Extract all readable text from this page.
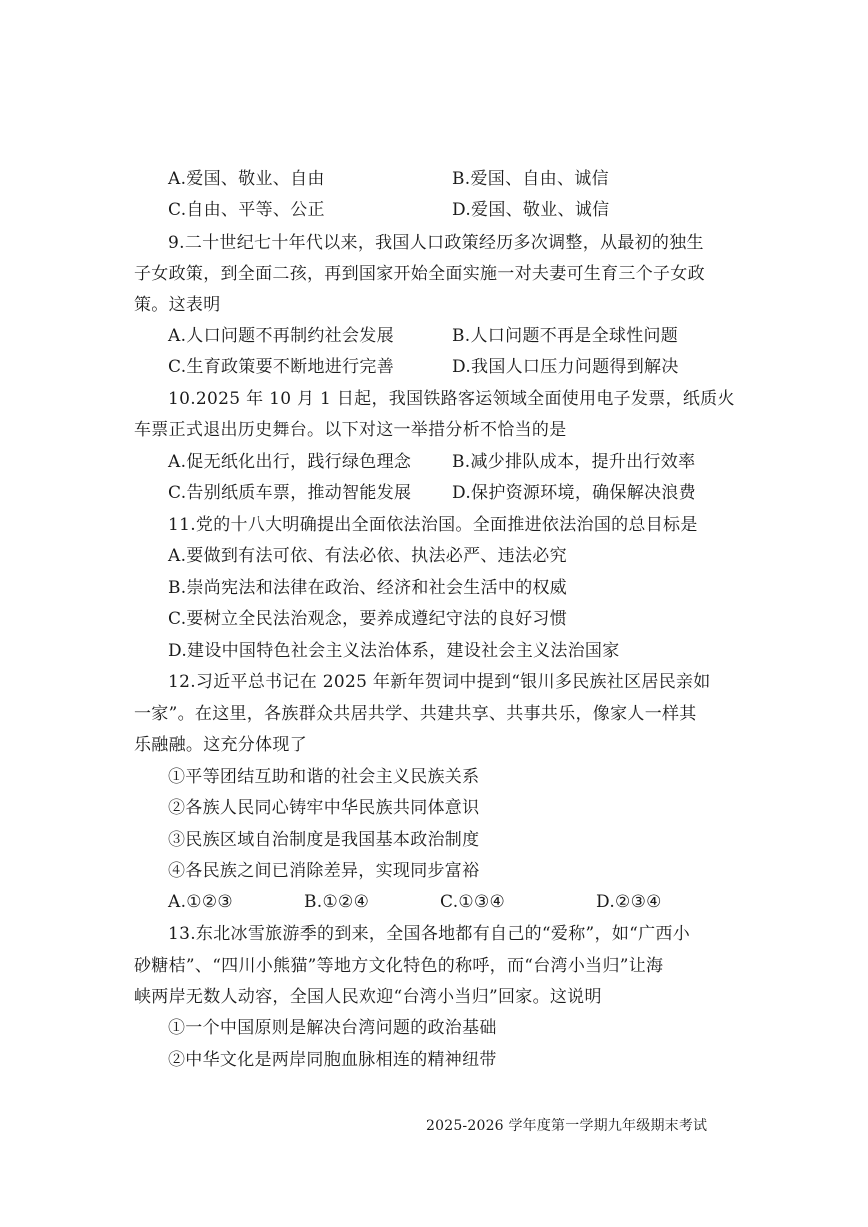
A.爱国、敬业、自由	B.爱国、自由、诚信
C.自由、平等、公正	D.爱国、敬业、诚信
9.二十世纪七十年代以来，我国人口政策经历多次调整，从最初的独生
子女政策，到全面二孩，再到国家开始全面实施一对夫妻可生育三个子女政
策。这表明
A.人口问题不再制约社会发展	B.人口问题不再是全球性问题
C.生育政策要不断地进行完善	D.我国人口压力问题得到解决
10.2025 年 10 月 1 日起，我国铁路客运领域全面使用电子发票，纸质火
车票正式退出历史舞台。以下对这一举措分析不恰当的是
A.促无纸化出行，践行绿色理念 B.减少排队成本，提升出行效率
C.告别纸质车票，推动智能发展 D.保护资源环境，确保解决浪费
11.党的十八大明确提出全面依法治国。全面推进依法治国的总目标是
A.要做到有法可依、有法必依、执法必严、违法必究
B.崇尚宪法和法律在政治、经济和社会生活中的权威
C.要树立全民法治观念，要养成遵纪守法的良好习惯
D.建设中国特色社会主义法治体系，建设社会主义法治国家
12.习近平总书记在 2025 年新年贺词中提到“银川多民族社区居民亲如
一家”。在这里，各族群众共居共学、共建共享、共事共乐，像家人一样其
乐融融。这充分体现了
①平等团结互助和谐的社会主义民族关系
②各族人民同心铸牢中华民族共同体意识
③民族区域自治制度是我国基本政治制度
④各民族之间已消除差异，实现同步富裕
A.①②③	B.①②④	C.①③④	D.②③④
13.东北冰雪旅游季的到来，全国各地都有自己的“爱称”，如“广西小
砂糖桔”、“四川小熊猫”等地方文化特色的称呼，而“台湾小当归”让海
峡两岸无数人动容，全国人民欢迎“台湾小当归”回家。这说明
①一个中国原则是解决台湾问题的政治基础
②中华文化是两岸同胞血脉相连的精神纽带
2025-2026 学年度第一学期九年级期末考试
